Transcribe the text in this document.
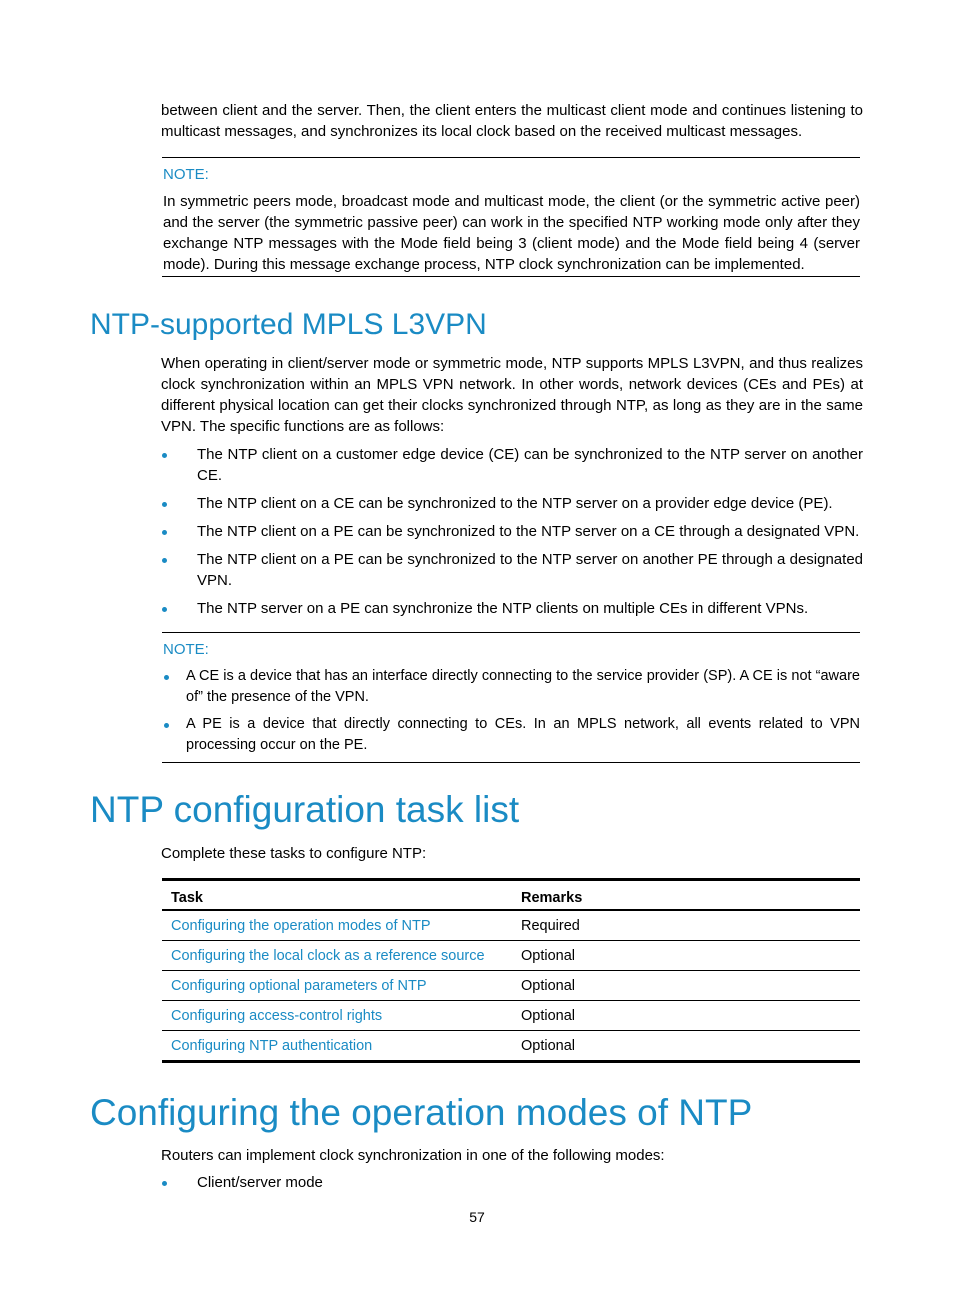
between client and the server. Then, the client enters the multicast client mode and continues listening to multicast messages, and synchronizes its local clock based on the received multicast messages.

NOTE:
In symmetric peers mode, broadcast mode and multicast mode, the client (or the symmetric active peer) and the server (the symmetric passive peer) can work in the specified NTP working mode only after they exchange NTP messages with the Mode field being 3 (client mode) and the Mode field being 4 (server mode). During this message exchange process, NTP clock synchronization can be implemented.
NTP-supported MPLS L3VPN

When operating in client/server mode or symmetric mode, NTP supports MPLS L3VPN, and thus realizes clock synchronization within an MPLS VPN network. In other words, network devices (CEs and PEs) at different physical location can get their clocks synchronized through NTP, as long as they are in the same VPN. The specific functions are as follows:

The NTP client on a customer edge device (CE) can be synchronized to the NTP server on another CE.
The NTP client on a CE can be synchronized to the NTP server on a provider edge device (PE).
The NTP client on a PE can be synchronized to the NTP server on a CE through a designated VPN.
The NTP client on a PE can be synchronized to the NTP server on another PE through a designated VPN.
The NTP server on a PE can synchronize the NTP clients on multiple CEs in different VPNs.
NOTE:
A CE is a device that has an interface directly connecting to the service provider (SP). A CE is not “aware of” the presence of the VPN.
A PE is a device that directly connecting to CEs. In an MPLS network, all events related to VPN processing occur on the PE.
NTP configuration task list

Complete these tasks to configure NTP:

Task	Remarks
Configuring the operation modes of NTP	Required
Configuring the local clock as a reference source	Optional
Configuring optional parameters of NTP	Optional
Configuring access-control rights	Optional
Configuring NTP authentication	Optional
Configuring the operation modes of NTP

Routers can implement clock synchronization in one of the following modes:

Client/server mode
57
